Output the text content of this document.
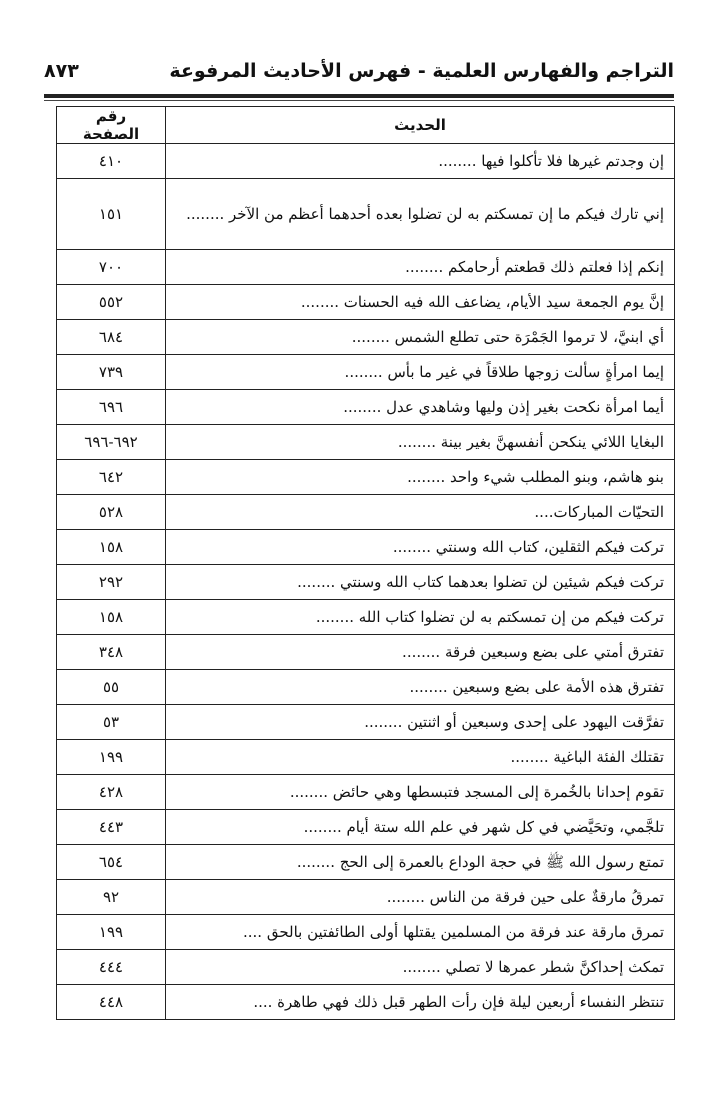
التراجم والفهارس العلمية - فهرس الأحاديث المرفوعة
٨٧٣
الحديث	رقم الصفحة
إن وجدتم غيرها فلا تأكلوا فيها ........	٤١٠
إني تارك فيكم ما إن تمسكتم به لن تضلوا بعده أحدهما أعظم من الآخر ........	١٥١
إنكم إذا فعلتم ذلك قطعتم أرحامكم ........	٧٠٠
إنَّ يوم الجمعة سيد الأيام، يضاعف الله فيه الحسنات ........	٥٥٢
أي ابنيَّ، لا ترموا الجَمْرَة حتى تطلع الشمس ........	٦٨٤
إيما امرأةٍ سألت زوجها طلاقاً في غير ما بأس ........	٧٣٩
أيما امرأة نكحت بغير إذن وليها وشاهدي عدل ........	٦٩٦
البغايا اللائي ينكحن أنفسهنَّ بغير بينة ........	٦٩٢-٦٩٦
بنو هاشم، وبنو المطلب شيء واحد ........	٦٤٢
التحيّات المباركات....	٥٢٨
تركت فيكم الثقلين، كتاب الله وسنتي ........	١٥٨
تركت فيكم شيئين لن تضلوا بعدهما كتاب الله وسنتي ........	٢٩٢
تركت فيكم من إن تمسكتم به لن تضلوا كتاب الله ........	١٥٨
تفترق أمتي على بضع وسبعين فرقة ........	٣٤٨
تفترق هذه الأمة على بضع وسبعين ........	٥٥
تفرَّقت اليهود على إحدى وسبعين أو اثنتين ........	٥٣
تقتلك الفئة الباغية ........	١٩٩
تقوم إحدانا بالخُمرة إلى المسجد فتبسطها وهي حائض ........	٤٢٨
تلجَّمي، وتحَيَّضي في كل شهر في علم الله ستة أيام ........	٤٤٣
تمتع رسول الله ﷺ في حجة الوداع بالعمرة إلى الحج ........	٦٥٤
تمرقُ مارقةٌ على حين فرقة من الناس ........	٩٢
تمرق مارقة عند فرقة من المسلمين يقتلها أولى الطائفتين بالحق ....	١٩٩
تمكث إحداكنَّ شطر عمرها لا تصلي ........	٤٤٤
تنتظر النفساء أربعين ليلة فإن رأت الطهر قبل ذلك فهي طاهرة ....	٤٤٨
